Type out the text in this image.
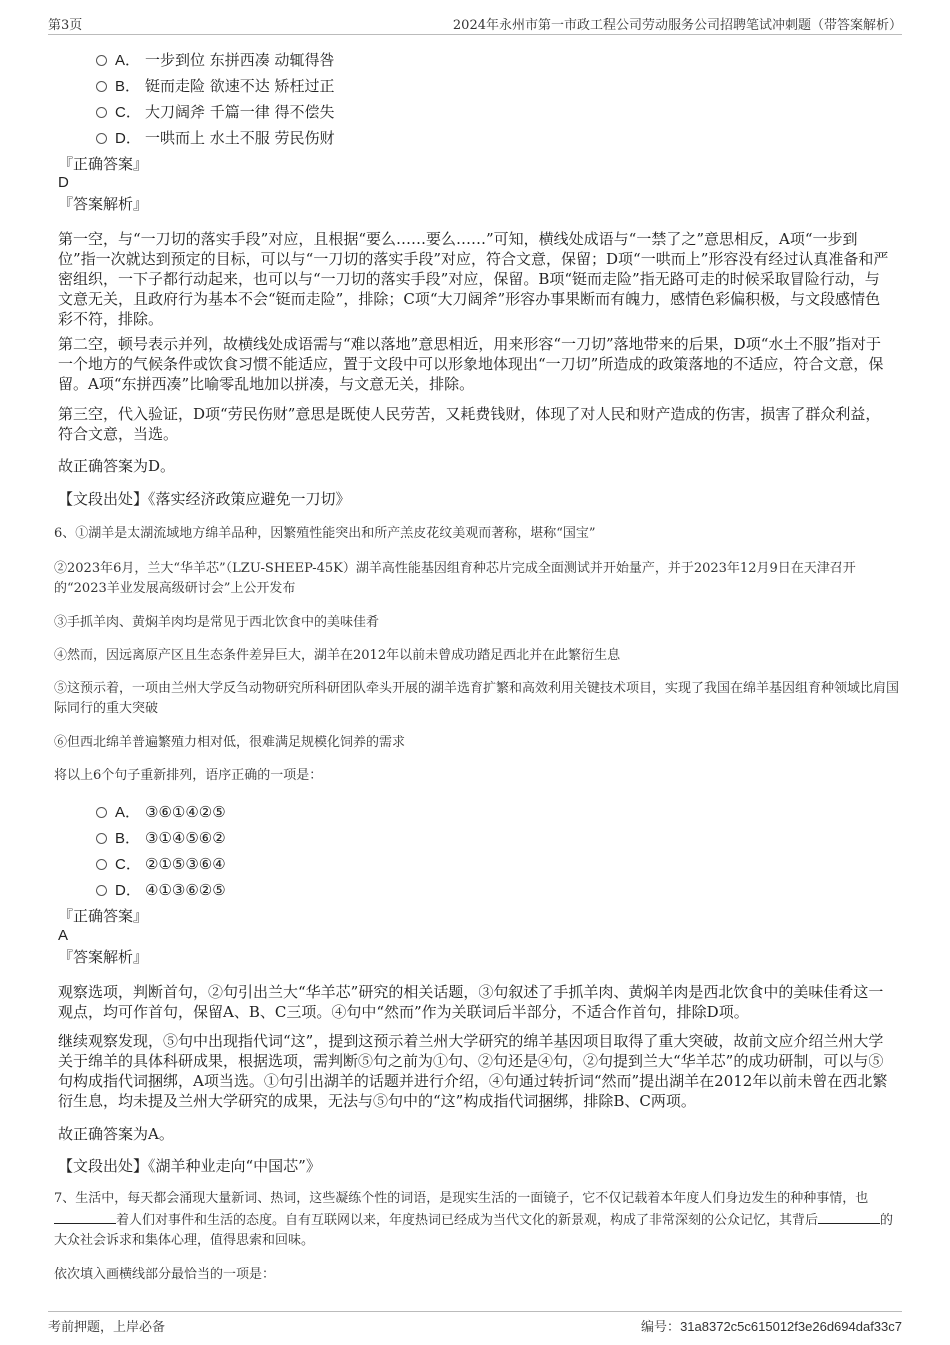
第3页	2024年永州市第一市政工程公司劳动服务公司招聘笔试冲刺题（带答案解析）
A． 一步到位 东拼西凑 动辄得咎
B． 铤而走险 欲速不达 矫枉过正
C． 大刀阔斧 千篇一律 得不偿失
D． 一哄而上 水土不服 劳民伤财
『正确答案』
D
『答案解析』

第一空，与“一刀切的落实手段”对应，且根据“要么……要么……”可知，横线处成语与“一禁了之”意思相反，A项“一步到位”指一次就达到预定的目标，可以与“一刀切的落实手段”对应，符合文意，保留；D项“一哄而上”形容没有经过认真准备和严密组织，一下子都行动起来，也可以与“一刀切的落实手段”对应，保留。B项“铤而走险”指无路可走的时候采取冒险行动，与文意无关，且政府行为基本不会“铤而走险”，排除；C项“大刀阔斧”形容办事果断而有魄力，感情色彩偏积极，与文段感情色彩不符，排除。

第二空，顿号表示并列，故横线处成语需与“难以落地”意思相近，用来形容“一刀切”落地带来的后果，D项“水土不服”指对于一个地方的气候条件或饮食习惯不能适应，置于文段中可以形象地体现出“一刀切”所造成的政策落地的不适应，符合文意，保留。A项“东拼西凑”比喻零乱地加以拼凑，与文意无关，排除。

第三空，代入验证，D项“劳民伤财”意思是既使人民劳苦，又耗费钱财，体现了对人民和财产造成的伤害，损害了群众利益，符合文意，当选。

故正确答案为D。

【文段出处】《落实经济政策应避免一刀切》

6、①湖羊是太湖流域地方绵羊品种，因繁殖性能突出和所产羔皮花纹美观而著称，堪称“国宝”

②2023年6月，兰大“华羊芯”（LZU-SHEEP-45K）湖羊高性能基因组育种芯片完成全面测试并开始量产，并于2023年12月9日在天津召开的“2023羊业发展高级研讨会”上公开发布

③手抓羊肉、黄焖羊肉均是常见于西北饮食中的美味佳肴

④然而，因远离原产区且生态条件差异巨大，湖羊在2012年以前未曾成功踏足西北并在此繁衍生息

⑤这预示着，一项由兰州大学反刍动物研究所科研团队牵头开展的湖羊选育扩繁和高效利用关键技术项目，实现了我国在绵羊基因组育种领域比肩国际同行的重大突破

⑥但西北绵羊普遍繁殖力相对低，很难满足规模化饲养的需求

将以上6个句子重新排列，语序正确的一项是：

A． ③⑥①④②⑤
B． ③①④⑤⑥②
C． ②①⑤③⑥④
D． ④①③⑥②⑤
『正确答案』
A
『答案解析』

观察选项，判断首句，②句引出兰大“华羊芯”研究的相关话题，③句叙述了手抓羊肉、黄焖羊肉是西北饮食中的美味佳肴这一观点，均可作首句，保留A、B、C三项。④句中“然而”作为关联词后半部分，不适合作首句，排除D项。

继续观察发现，⑤句中出现指代词“这”，提到这预示着兰州大学研究的绵羊基因项目取得了重大突破，故前文应介绍兰州大学关于绵羊的具体科研成果，根据选项，需判断⑤句之前为①句、②句还是④句，②句提到兰大“华羊芯”的成功研制，可以与⑤句构成指代词捆绑，A项当选。①句引出湖羊的话题并进行介绍，④句通过转折词“然而”提出湖羊在2012年以前未曾在西北繁衍生息，均未提及兰州大学研究的成果，无法与⑤句中的“这”构成指代词捆绑，排除B、C两项。

故正确答案为A。

【文段出处】《湖羊种业走向“中国芯”》

7、生活中，每天都会涌现大量新词、热词，这些凝练个性的词语，是现实生活的一面镜子，它不仅记载着本年度人们身边发生的种种事情，也着人们对事件和生活的态度。自有互联网以来，年度热词已经成为当代文化的新景观，构成了非常深刻的公众记忆，其背后	的大众社会诉求和集体心理，值得思索和回味。

依次填入画横线部分最恰当的一项是：

考前押题，上岸必备	编号：31a8372c5c615012f3e26d694daf33c7
